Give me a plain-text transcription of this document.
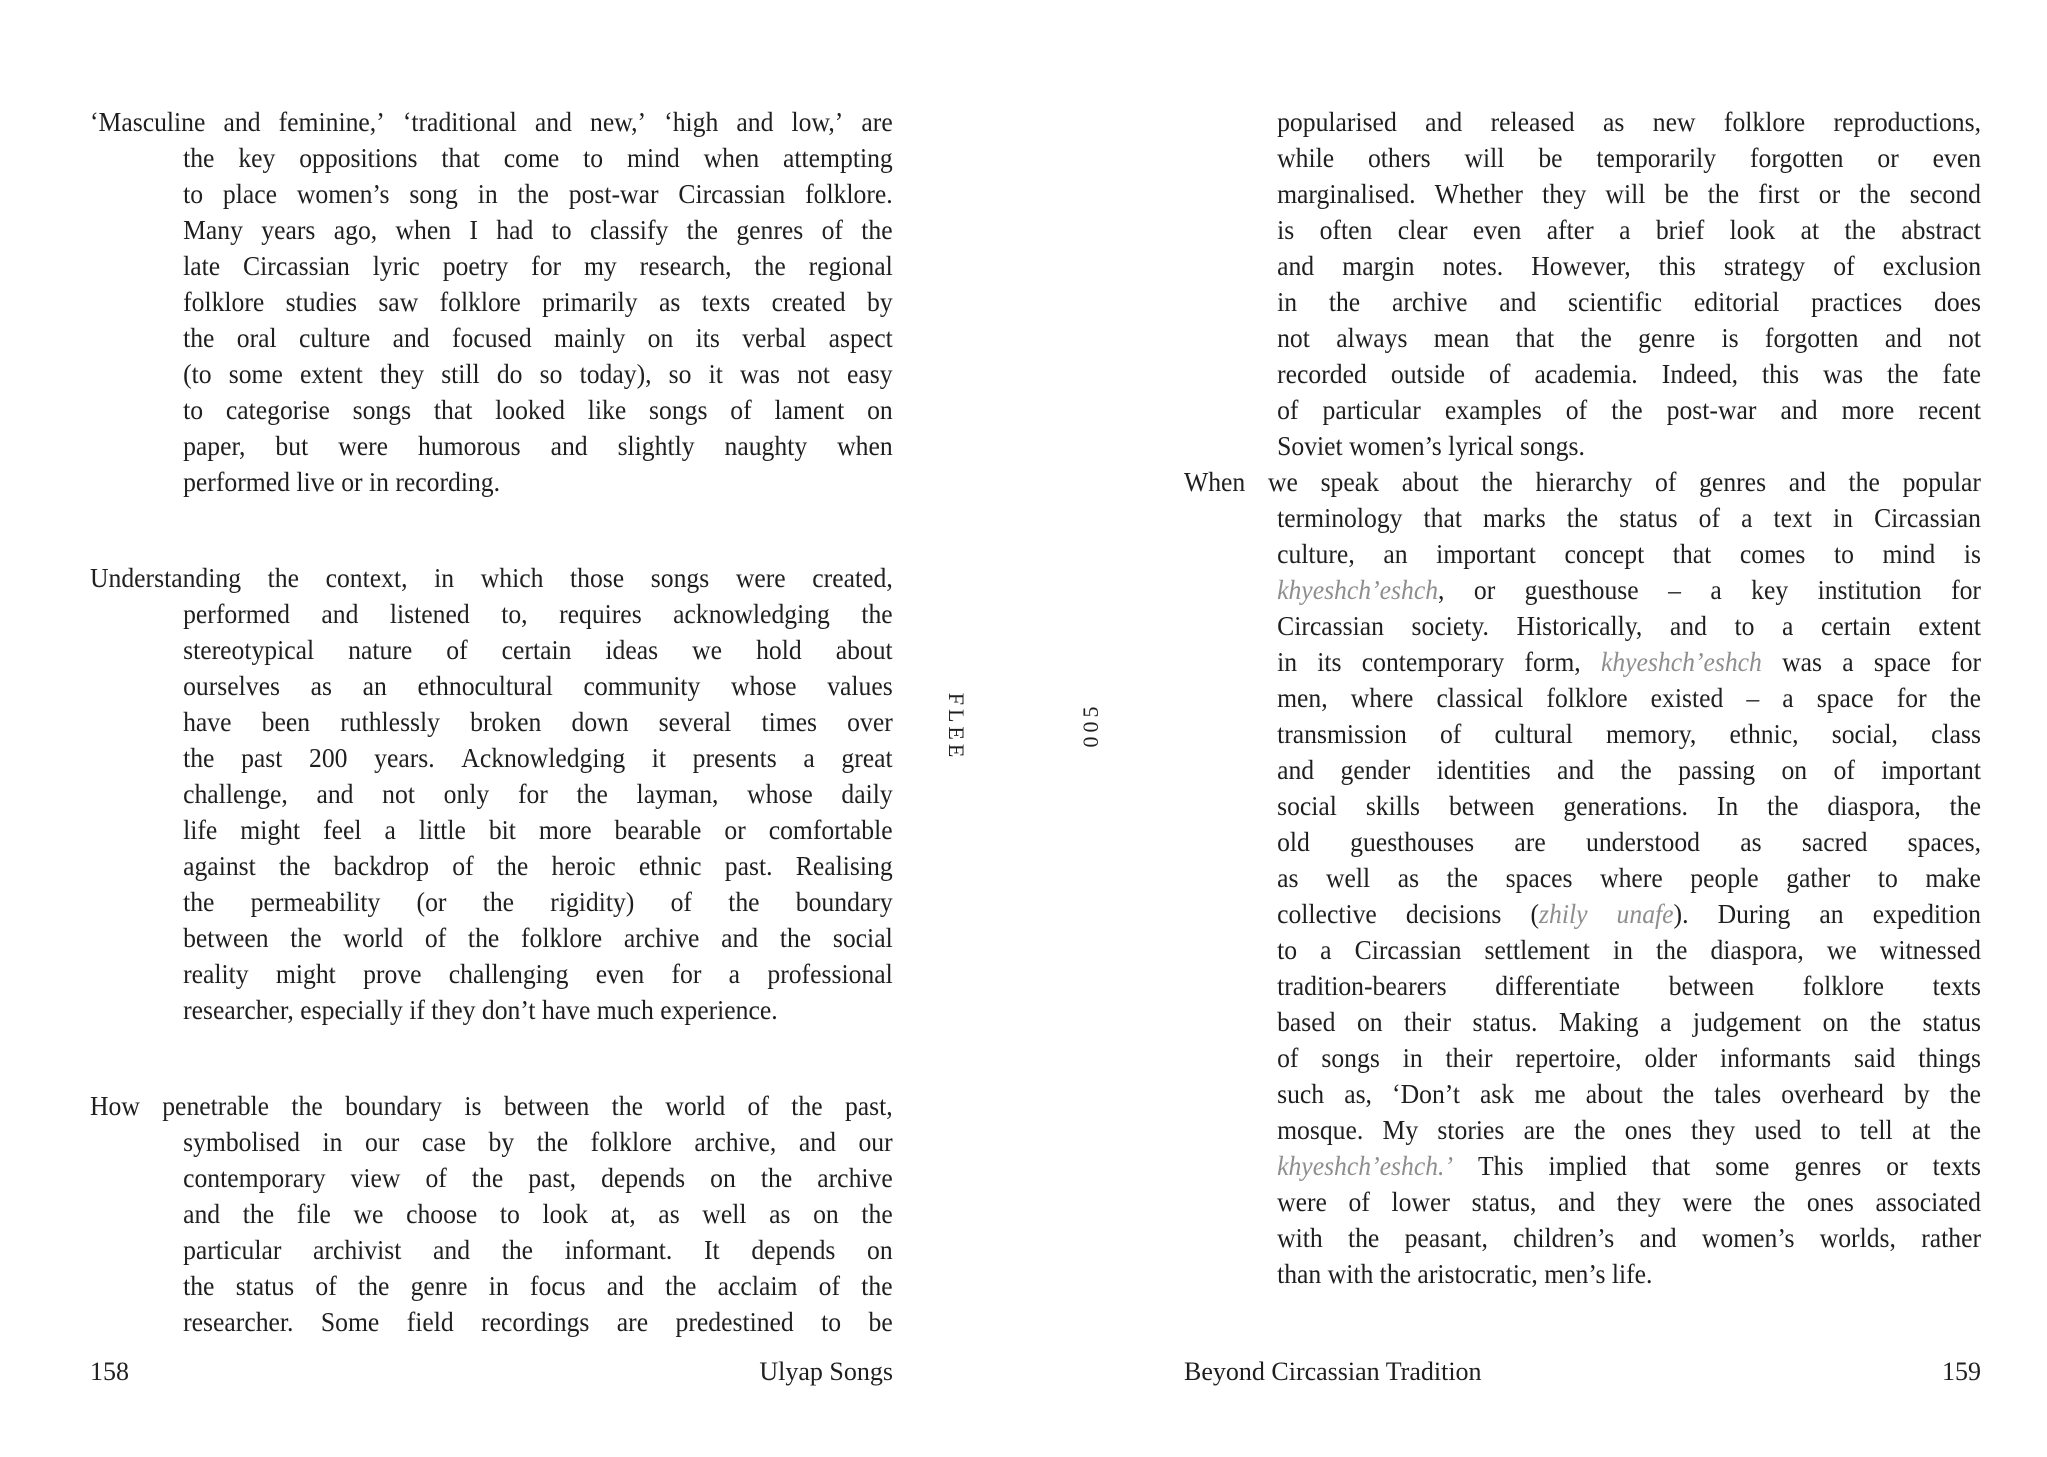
‘Masculine and feminine,’ ‘traditional and new,’ ‘high and low,’ are
the key oppositions that come to mind when attempting
to place women’s song in the post-war Circassian folklore.
Many years ago, when I had to classify the genres of the
late Circassian lyric poetry for my research, the regional
folklore studies saw folklore primarily as texts created by
the oral culture and focused mainly on its verbal aspect
(to some extent they still do so today), so it was not easy
to categorise songs that looked like songs of lament on
paper, but were humorous and slightly naughty when
performed live or in recording.
Understanding the context, in which those songs were created,
performed and listened to, requires acknowledging the
stereotypical nature of certain ideas we hold about
ourselves as an ethnocultural community whose values
have been ruthlessly broken down several times over
the past 200 years. Acknowledging it presents a great
challenge, and not only for the layman, whose daily
life might feel a little bit more bearable or comfortable
against the backdrop of the heroic ethnic past. Realising
the permeability (or the rigidity) of the boundary
between the world of the folklore archive and the social
reality might prove challenging even for a professional
researcher, especially if they don’t have much experience.
How penetrable the boundary is between the world of the past,
symbolised in our case by the folklore archive, and our
contemporary view of the past, depends on the archive
and the file we choose to look at, as well as on the
particular archivist and the informant. It depends on
the status of the genre in focus and the acclaim of the
researcher. Some field recordings are predestined to be
popularised and released as new folklore reproductions,
while others will be temporarily forgotten or even
marginalised. Whether they will be the first or the second
is often clear even after a brief look at the abstract
and margin notes. However, this strategy of exclusion
in the archive and scientific editorial practices does
not always mean that the genre is forgotten and not
recorded outside of academia. Indeed, this was the fate
of particular examples of the post-war and more recent
Soviet women’s lyrical songs.
When we speak about the hierarchy of genres and the popular
terminology that marks the status of a text in Circassian
culture, an important concept that comes to mind is
khyeshch’eshch, or guesthouse – a key institution for
Circassian society. Historically, and to a certain extent
in its contemporary form, khyeshch’eshch was a space for
men, where classical folklore existed – a space for the
transmission of cultural memory, ethnic, social, class
and gender identities and the passing on of important
social skills between generations. In the diaspora, the
old guesthouses are understood as sacred spaces,
as well as the spaces where people gather to make
collective decisions (zhily unafe). During an expedition
to a Circassian settlement in the diaspora, we witnessed
tradition-bearers differentiate between folklore texts
based on their status. Making a judgement on the status
of songs in their repertoire, older informants said things
such as, ‘Don’t ask me about the tales overheard by the
mosque. My stories are the ones they used to tell at the
khyeshch’eshch.’ This implied that some genres or texts
were of lower status, and they were the ones associated
with the peasant, children’s and women’s worlds, rather
than with the aristocratic, men’s life.
FLEE	005
158	Ulyap Songs	Beyond Circassian Tradition	159
